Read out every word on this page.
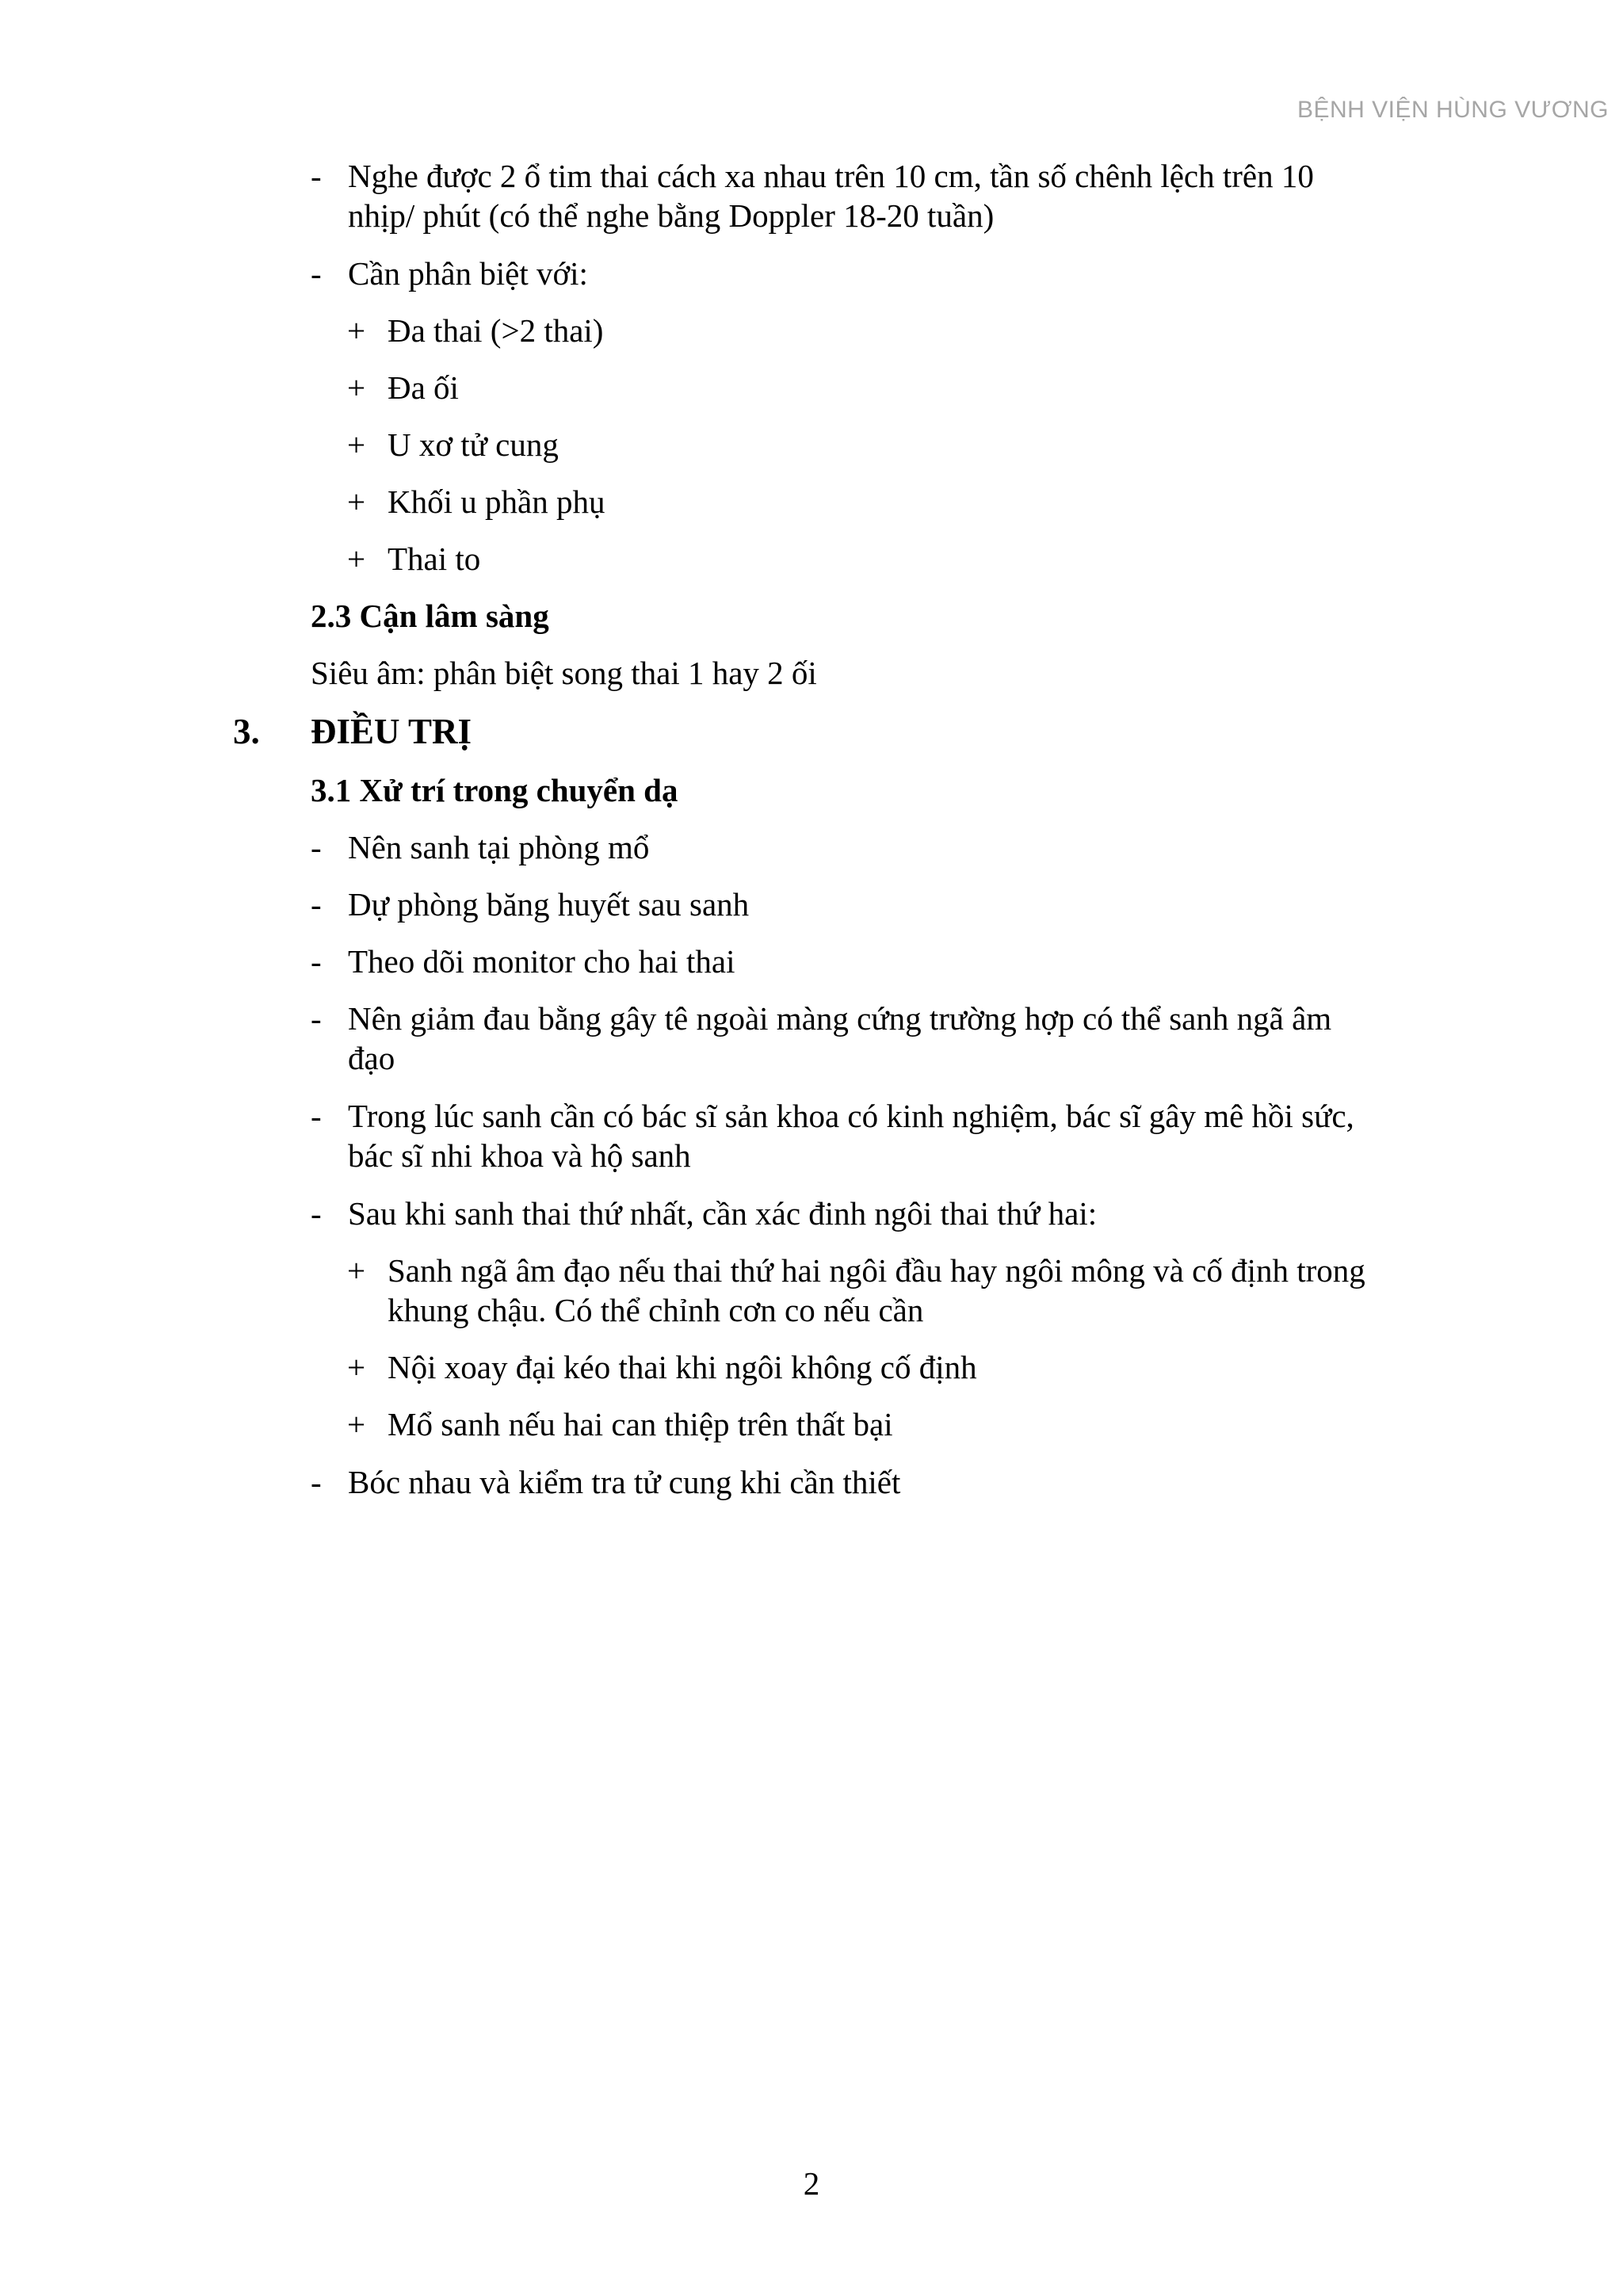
BỆNH VIỆN HÙNG VƯƠNG
- Nghe được 2 ổ tim thai cách xa nhau trên 10 cm, tần số chênh lệch trên 10
nhịp/ phút (có thể nghe bằng Doppler 18-20 tuần)
- Cần phân biệt với:
+ Đa thai (>2 thai)
+ Đa ối
+ U xơ tử cung
+ Khối u phần phụ
+ Thai to
2.3 Cận lâm sàng
Siêu âm: phân biệt song thai 1 hay 2 ối
3. ĐIỀU TRỊ
3.1 Xử trí trong chuyển dạ
- Nên sanh tại phòng mổ
- Dự phòng băng huyết sau sanh
- Theo dõi monitor cho hai thai
- Nên giảm đau bằng gây tê ngoài màng cứng trường hợp có thể sanh ngã âm
đạo
- Trong lúc sanh cần có bác sĩ sản khoa có kinh nghiệm, bác sĩ gây mê hồi sức,
bác sĩ nhi khoa và hộ sanh
- Sau khi sanh thai thứ nhất, cần xác đinh ngôi thai thứ hai:
+ Sanh ngã âm đạo nếu thai thứ hai ngôi đầu hay ngôi mông và cố định trong
khung chậu. Có thể chỉnh cơn co nếu cần
+ Nội xoay đại kéo thai khi ngôi không cố định
+ Mổ sanh nếu hai can thiệp trên thất bại
- Bóc nhau và kiểm tra tử cung khi cần thiết
2
